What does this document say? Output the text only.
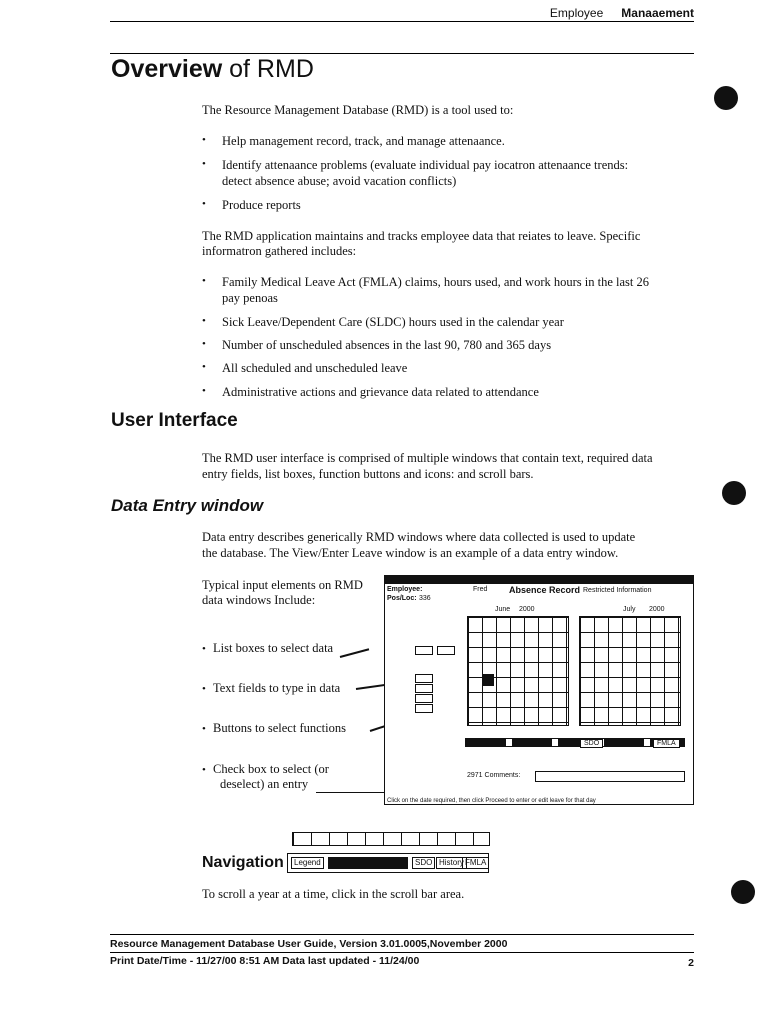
Employee Manaaement
Overview of RMD
The Resource Management Database (RMD) is a tool used to:
• Help management record, track, and manage attenaance.
• Identify attenaance problems (evaluate individual pay iocatron attenaance trends:
detect absence abuse; avoid vacation conflicts)
• Produce reports
The RMD application maintains and tracks employee data that reiates to leave. Specific
informatron gathered includes:
• Family Medical Leave Act (FMLA) claims, hours used, and work hours in the last 26
pay penoas
• Sick Leave/Dependent Care (SLDC) hours used in the calendar year
• Number of unscheduled absences in the last 90, 780 and 365 days
• All scheduled and unscheduled leave
• Administrative actions and grievance data related to attendance
User Interface
The RMD user interface is comprised of multiple windows that contain text, required data
entry fields, list boxes, function buttons and icons: and scroll bars.
Data Entry window
Data entry describes generically RMD windows where data collected is used to update
the database. The View/Enter Leave window is an example of a data entry window.
Typical input elements on RMD
data windows Include:
• List boxes to select data
• Text fields to type in data
• Buttons to select functions
• Check box to select (or
deselect) an entry
Employee:	Fred
Pos/Loc: 336
Absence Record Restricted Information
June 2000	July 2000
SDO	FMLA
2971 Comments:
Click on the date required, then click Proceed to enter or edit leave for that day
Navigation	Legend	SDO History FMLA
To scroll a year at a time, click in the scroll bar area.
Resource Management Database User Guide, Version 3.01.0005,November 2000
Print Date/Time - 11/27/00 8:51 AM Data last updated - 11/24/00	2
